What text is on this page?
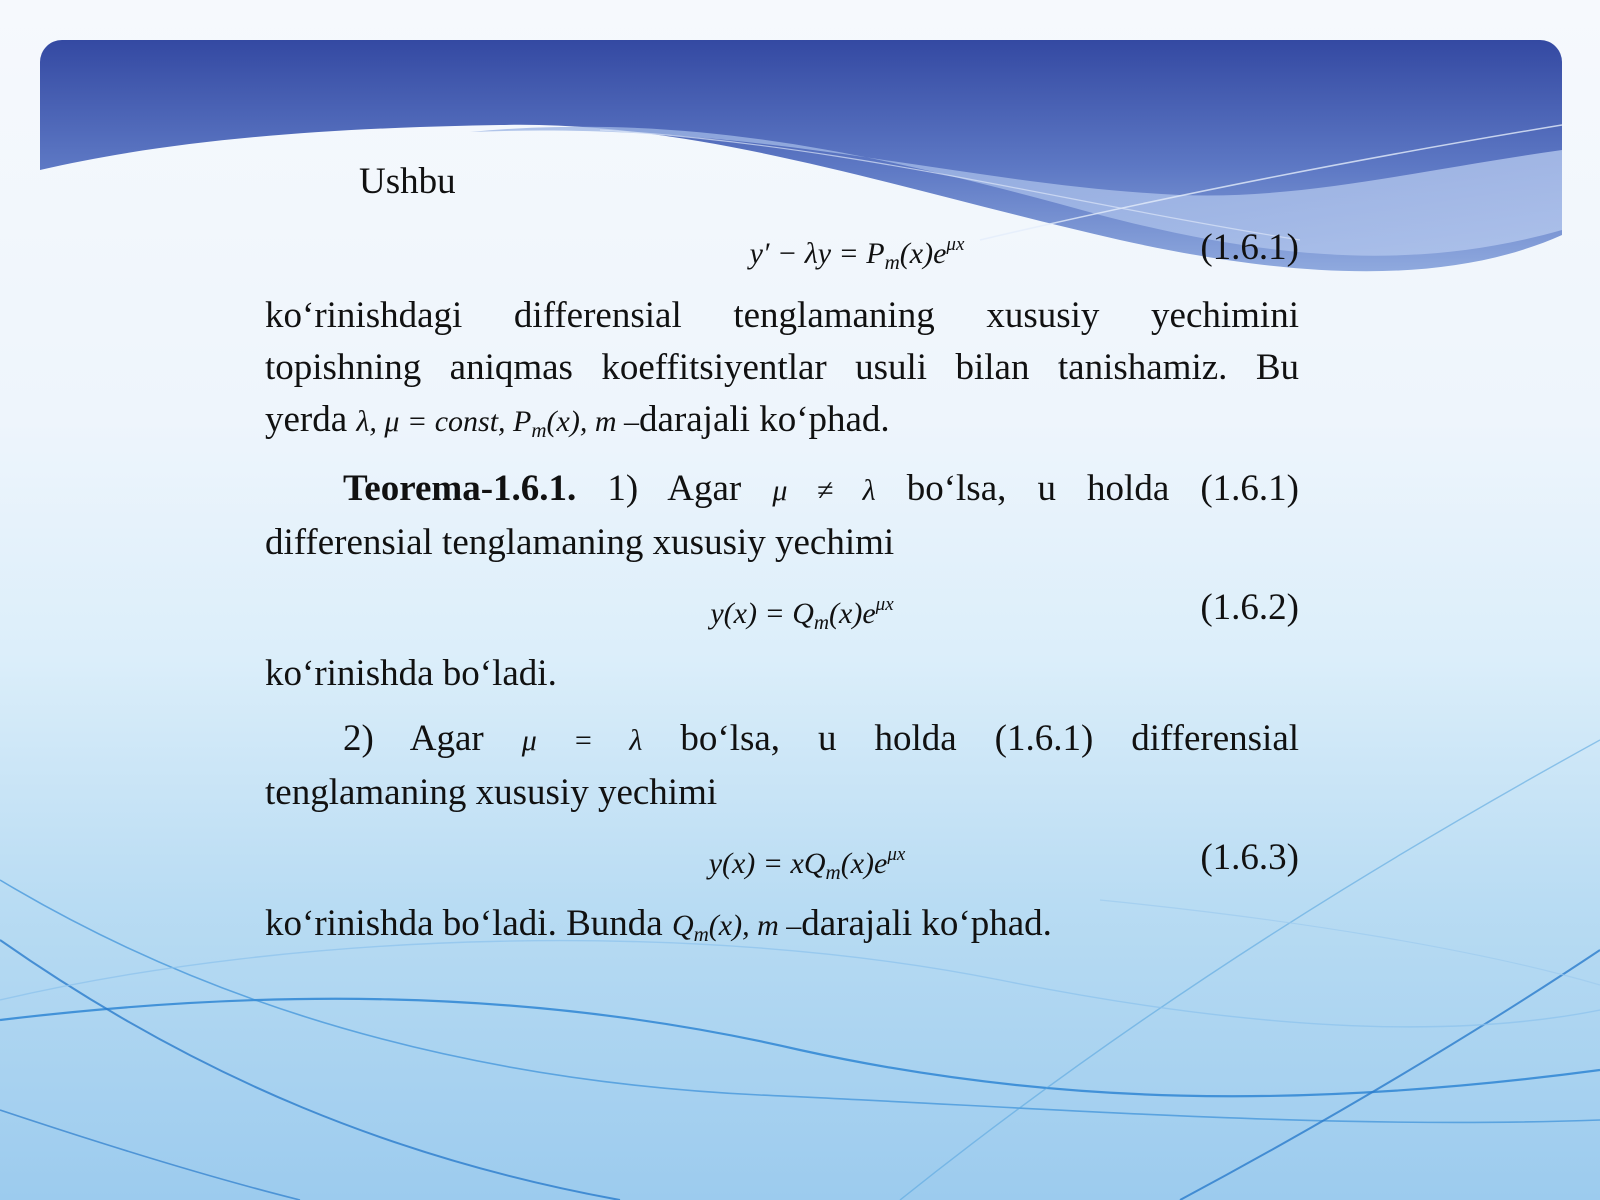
Ushbu
$y' - \lambda y = P_m(x)e^{\mu x}$	(1.6.1)
ko‘rinishdagi differensial tenglamaning xususiy yechimini
topishning aniqmas koeffitsiyentlar usuli bilan tanishamiz. Bu
yerda λ, μ = const, $P_m(x)$, m –darajali ko‘phad.
Teorema-1.6.1. 1) Agar μ ≠ λ bo‘lsa, u holda (1.6.1)
differensial tenglamaning xususiy yechimi
$y(x) = Q_m(x)e^{\mu x}$	(1.6.2)
ko‘rinishda bo‘ladi.
2) Agar μ = λ bo‘lsa, u holda (1.6.1) differensial
tenglamaning xususiy yechimi
$y(x) = xQ_m(x)e^{\mu x}$	(1.6.3)
ko‘rinishda bo‘ladi. Bunda $Q_m(x)$, m –darajali ko‘phad.
